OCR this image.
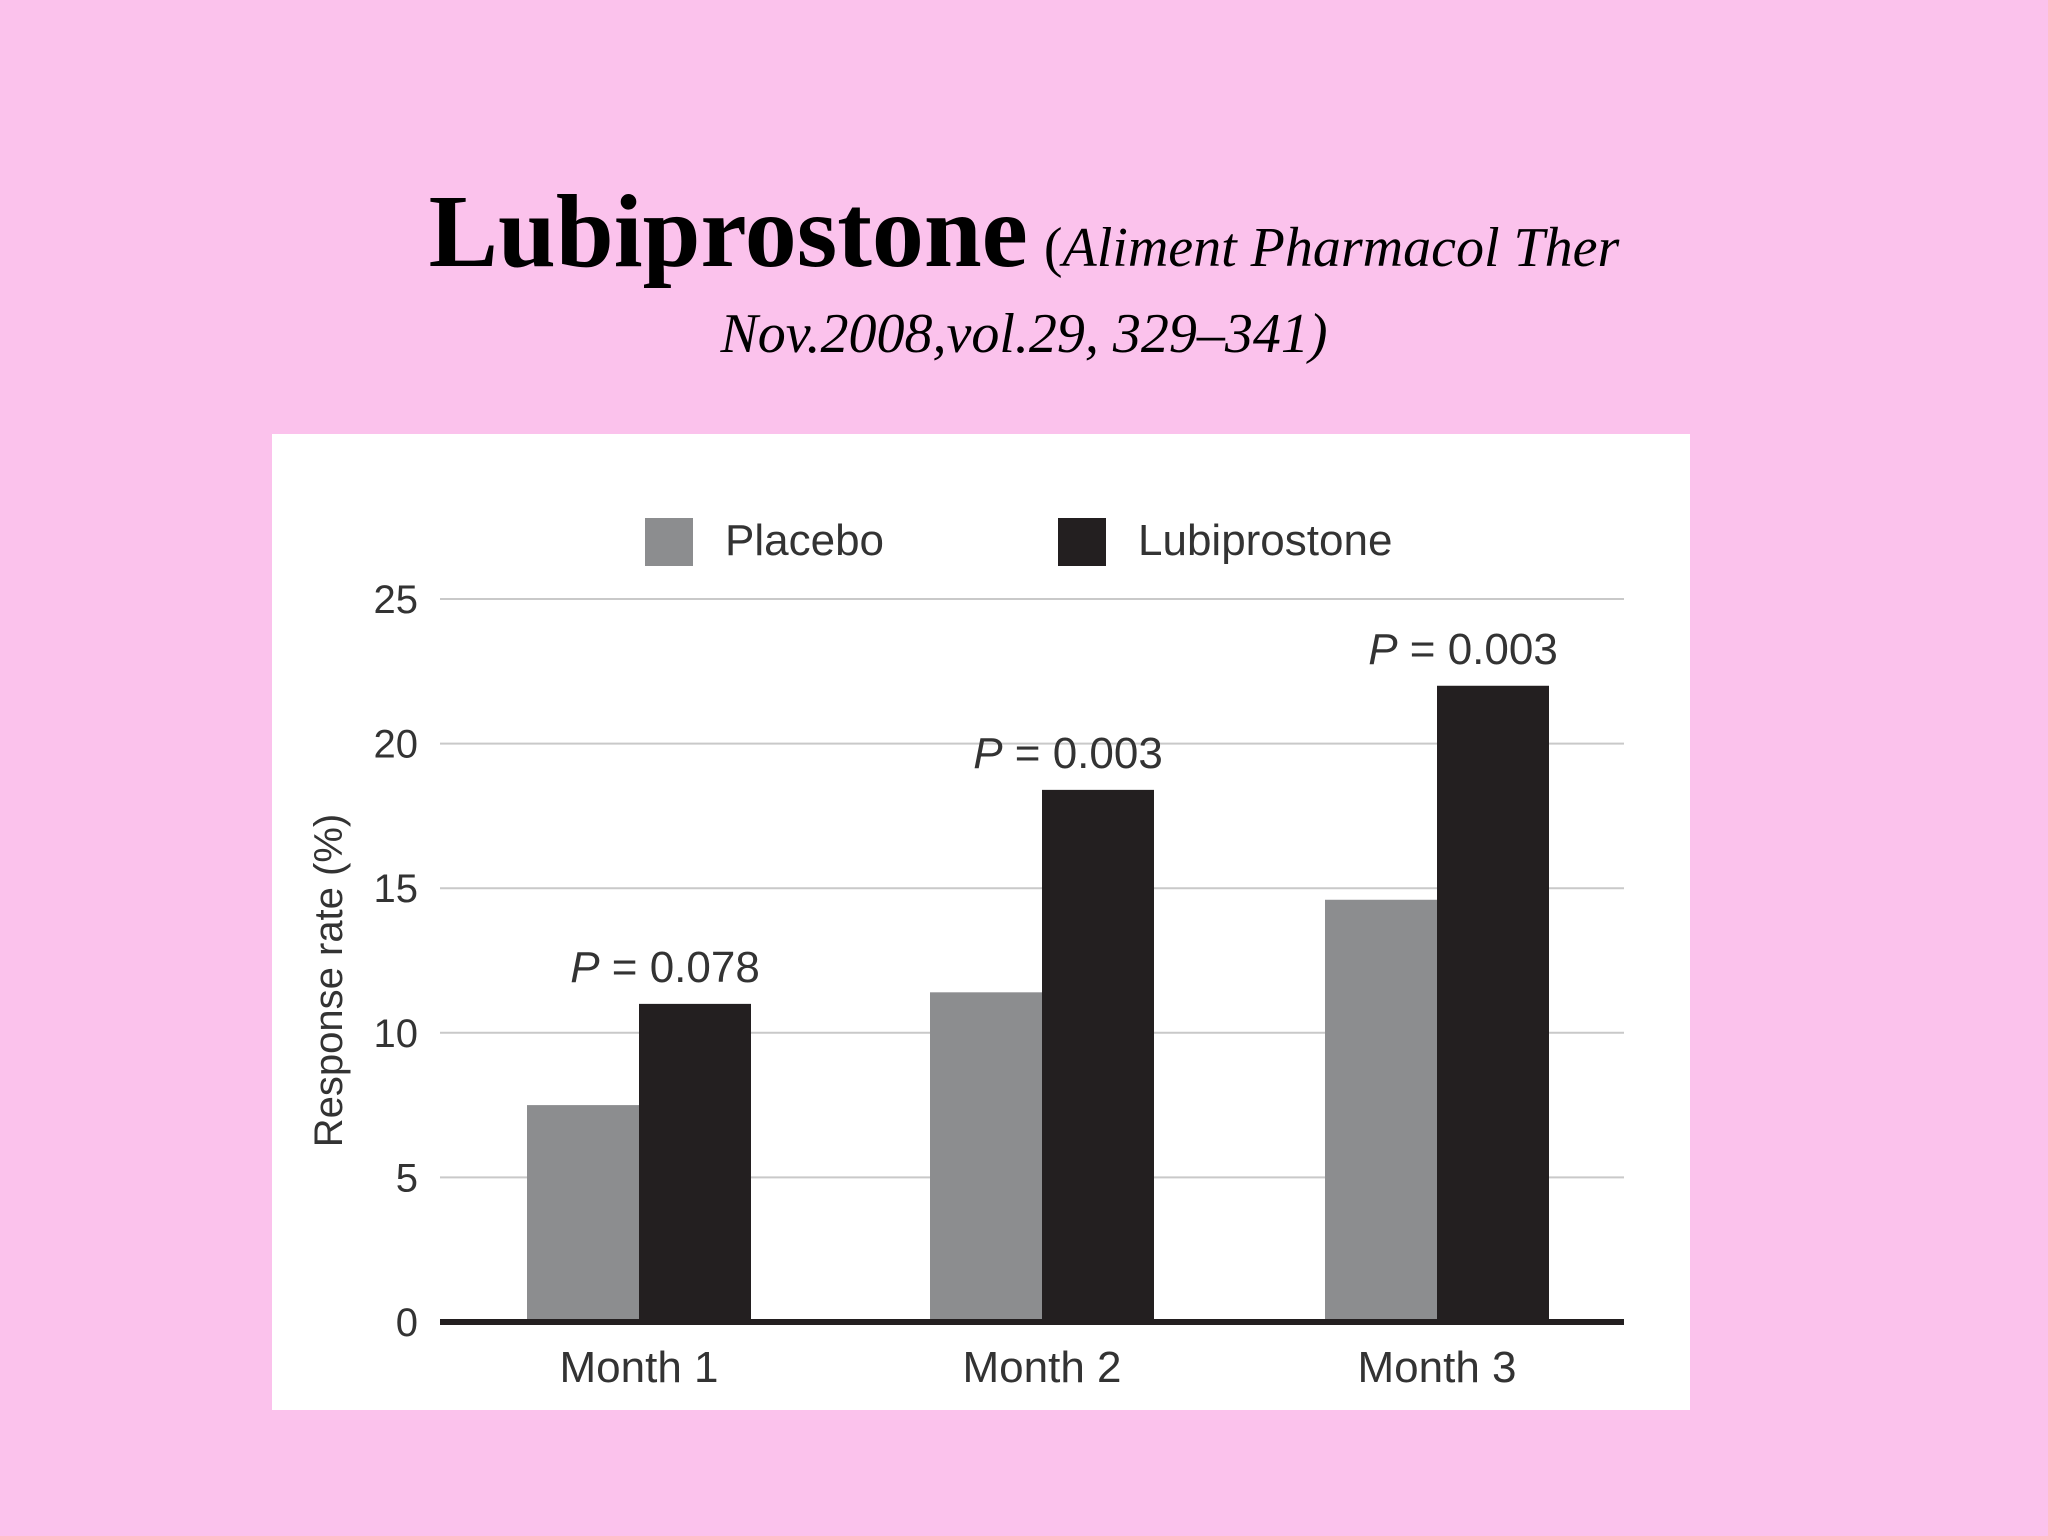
Lubiprostone (Aliment Pharmacol Ther
Nov.2008,vol.29, 329–341)
0
5
10
15
20
25
Response rate (%)
Month 1	Month 2	Month 3
P = 0.078
P = 0.003
P = 0.003
Placebo	Lubiprostone
